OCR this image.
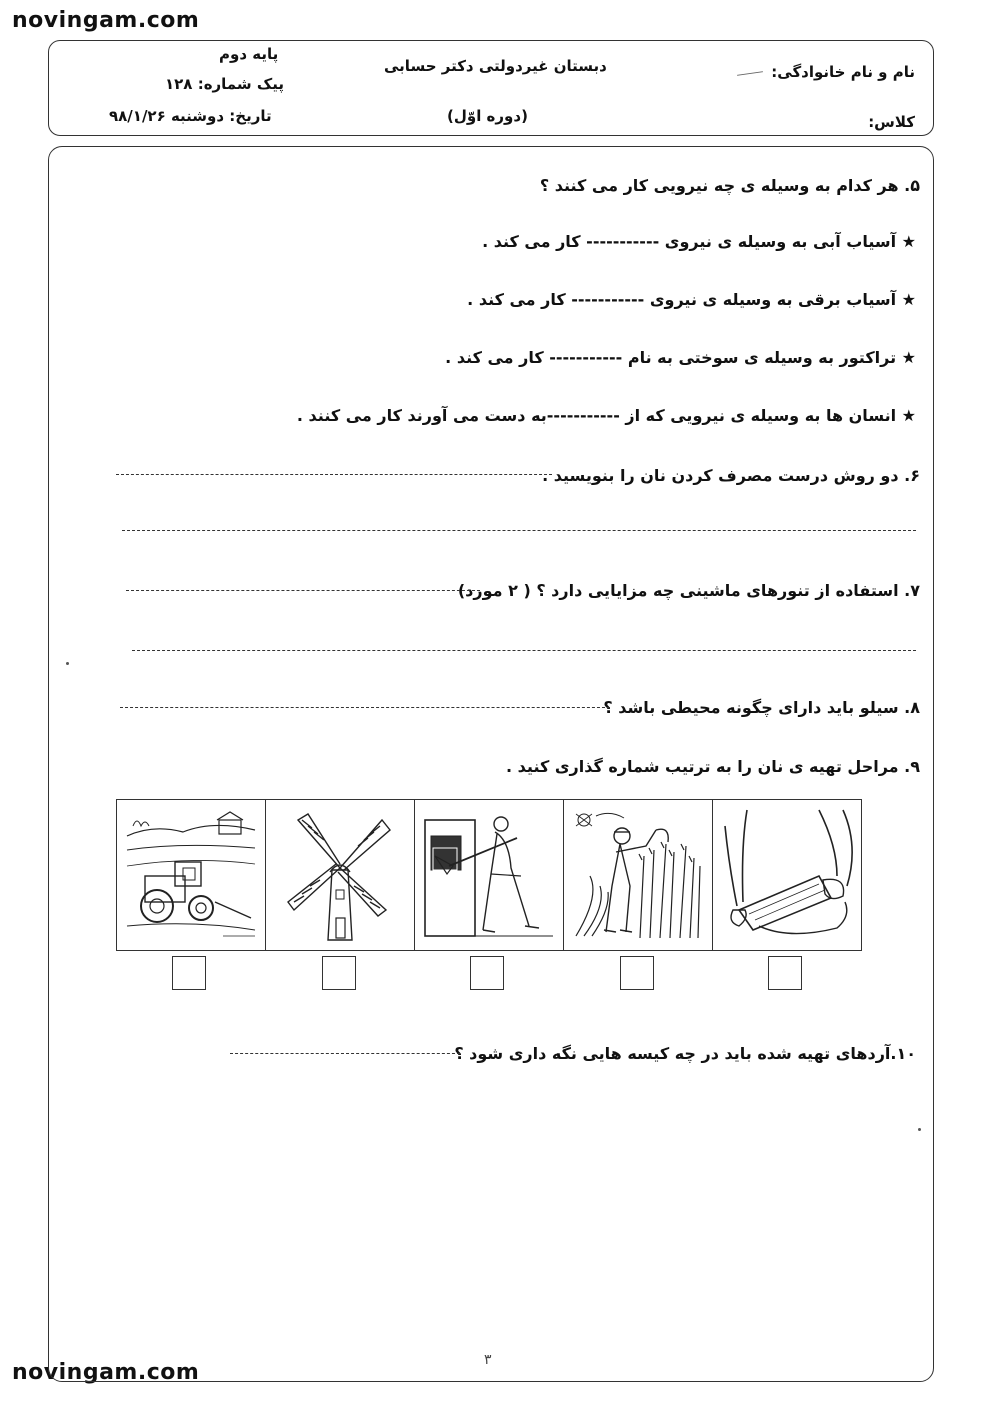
novingam.com
novingam.com
نام و نام خانوادگی:
کلاس:
دبستان غیردولتی دکتر حسابی
(دوره اوّل)
پایه دوم
پیک شماره: ۱۲۸
تاریخ: دوشنبه ۹۸/۱/۲۶
۵. هر کدام به وسیله ی چه نیرویی کار می کنند ؟
★ آسیاب آبی به وسیله ی نیروی ----------- کار می کند .
★ آسیاب برقی به وسیله ی نیروی ----------- کار می کند .
★ تراکتور به وسیله ی سوختی به نام ----------- کار می کند .
★ انسان ها به وسیله ی نیرویی که از -----------به دست می آورند کار می کنند .
۶. دو روش درست مصرف کردن نان را بنویسید .
۷. استفاده از تنورهای ماشینی چه مزایایی دارد ؟ ( ۲ مورد)
۸. سیلو باید دارای چگونه محیطی باشد ؟
۹. مراحل تهیه ی نان را به ترتیب شماره گذاری کنید .
۱۰.آردهای تهیه شده باید در چه کیسه هایی نگه داری شود ؟
۳
